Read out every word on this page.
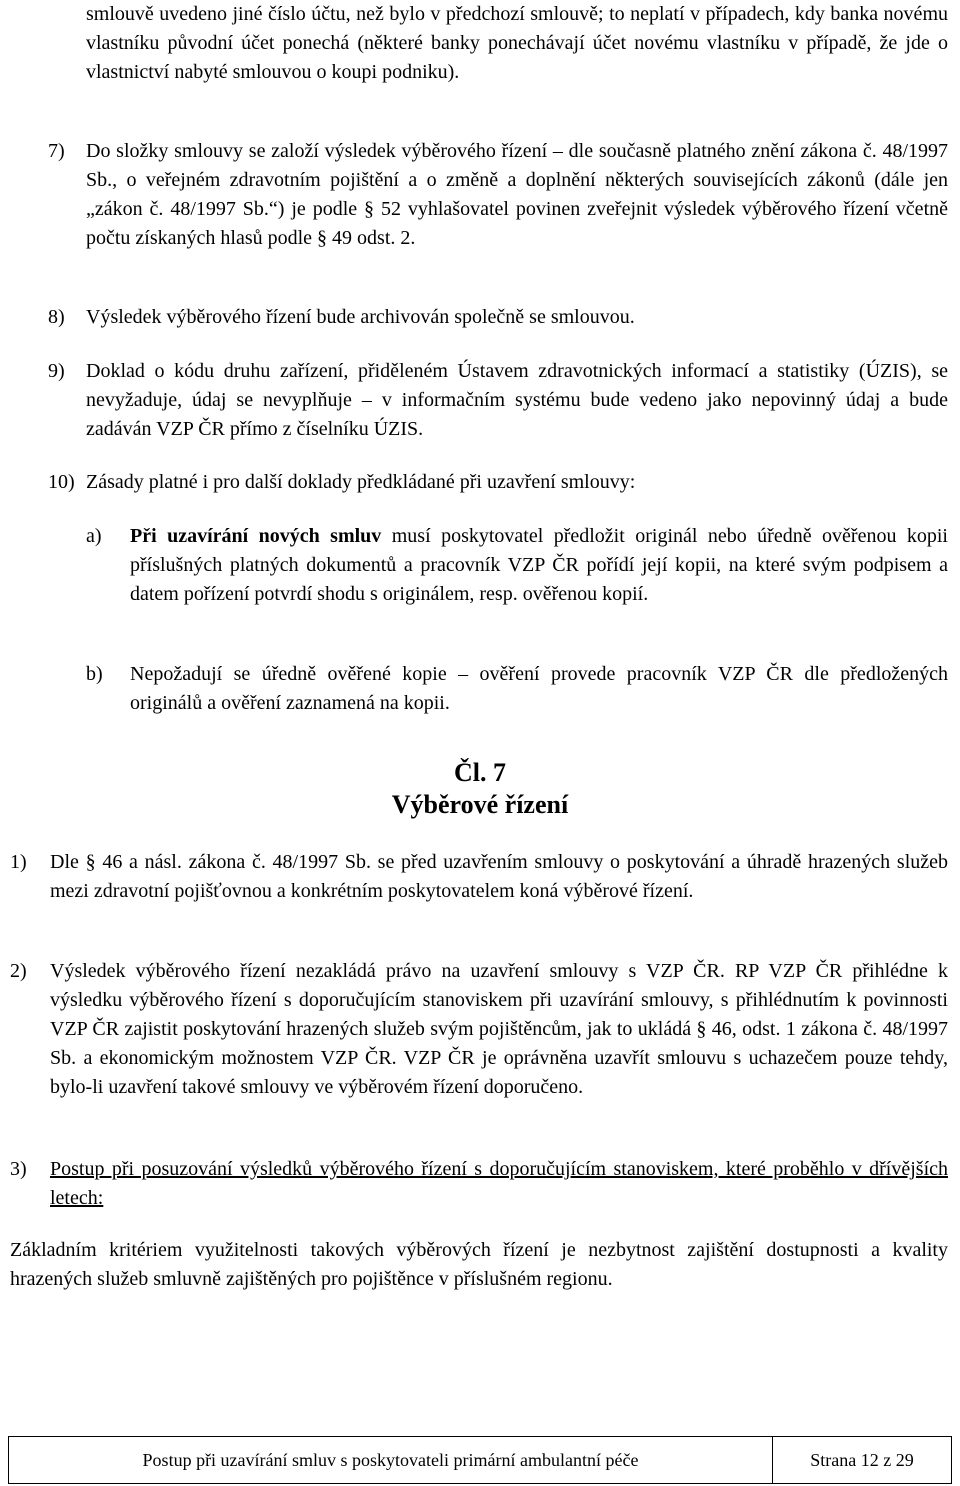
smlouvě uvedeno jiné číslo účtu, než bylo v předchozí smlouvě; to neplatí v případech, kdy banka novému vlastníku původní účet ponechá (některé banky ponechávají účet novému vlastníku v případě, že jde o vlastnictví nabyté smlouvou o koupi podniku).
7)	Do složky smlouvy se založí výsledek výběrového řízení – dle současně platného znění zákona č. 48/1997 Sb., o veřejném zdravotním pojištění a o změně a doplnění některých souvisejících zákonů (dále jen „zákon č. 48/1997 Sb.“) je podle § 52 vyhlašovatel povinen zveřejnit výsledek výběrového řízení včetně počtu získaných hlasů podle § 49 odst. 2.
8)	Výsledek výběrového řízení bude archivován společně se smlouvou.
9)	Doklad o kódu druhu zařízení, přiděleném Ústavem zdravotnických informací a statistiky (ÚZIS), se nevyžaduje, údaj se nevyplňuje – v informačním systému bude vedeno jako nepovinný údaj a bude zadáván VZP ČR přímo z číselníku ÚZIS.
10) Zásady platné i pro další doklady předkládané při uzavření smlouvy:
a)	Při uzavírání nových smluv musí poskytovatel předložit originál nebo úředně ověřenou kopii příslušných platných dokumentů a pracovník VZP ČR pořídí její kopii, na které svým podpisem a datem pořízení potvrdí shodu s originálem, resp. ověřenou kopií.
b)	Nepožadují se úředně ověřené kopie – ověření provede pracovník VZP ČR dle předložených originálů a ověření zaznamená na kopii.
Čl. 7
Výběrové řízení
1)	Dle § 46 a násl. zákona č. 48/1997 Sb. se před uzavřením smlouvy o poskytování a úhradě hrazených služeb mezi zdravotní pojišťovnou a konkrétním poskytovatelem koná výběrové řízení.
2)	Výsledek výběrového řízení nezakládá právo na uzavření smlouvy s VZP ČR. RP VZP ČR přihlédne k výsledku výběrového řízení s doporučujícím stanoviskem při uzavírání smlouvy, s přihlédnutím k povinnosti VZP ČR zajistit poskytování hrazených služeb svým pojištěncům, jak to ukládá § 46, odst. 1 zákona č. 48/1997 Sb. a ekonomickým možnostem VZP ČR. VZP ČR je oprávněna uzavřít smlouvu s uchazečem pouze tehdy, bylo-li uzavření takové smlouvy ve výběrovém řízení doporučeno.
3)	Postup při posuzování výsledků výběrového řízení s doporučujícím stanoviskem, které proběhlo v dřívějších letech:
Základním kritériem využitelnosti takových výběrových řízení je nezbytnost zajištění dostupnosti a kvality hrazených služeb smluvně zajištěných pro pojištěnce v příslušném regionu.
Postup při uzavírání smluv s poskytovateli primární ambulantní péče	Strana 12 z 29
